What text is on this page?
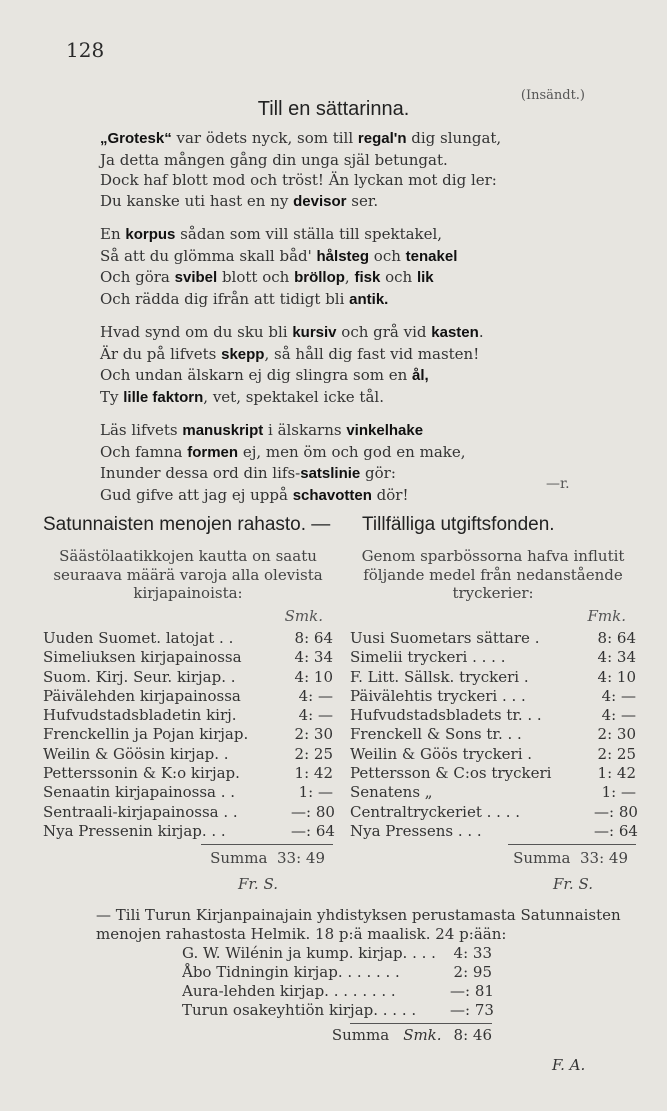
128
(Insändt.)
Till en sättarinna.
„Grotesk“ var ödets nyck, som till regal'n dig slungat,
Ja detta mången gång din unga själ betungat.
Dock haf blott mod och tröst! Än lyckan mot dig ler:
Du kanske uti hast en ny devisor ser.
En korpus sådan som vill ställa till spektakel,
Så att du glömma skall båd' hålsteg och tenakel
Och göra svibel blott och bröllop, fisk och lik
Och rädda dig ifrån att tidigt bli antik.
Hvad synd om du sku bli kursiv och grå vid kasten.
Är du på lifvets skepp, så håll dig fast vid masten!
Och undan älskarn ej dig slingra som en ål,
Ty lille faktorn, vet, spektakel icke tål.
Läs lifvets manuskript i älskarns vinkelhake
Och famna formen ej, men öm och god en make,
Inunder dessa ord din lifs-satslinie gör:
Gud gifve att jag ej uppå schavotten dör!
—r.
Satunnaisten menojen rahasto. — Tillfälliga utgiftsfonden.
Säästölaatikkojen kautta on saatu seuraava määrä varoja alla olevista kirjapainoista:
Smk.
Uuden Suomet. latojat . .	8: 64
Simeliuksen kirjapainossa	4: 34
Suom. Kirj. Seur. kirjap. .	4: 10
Päivälehden kirjapainossa	4: —
Hufvudstadsbladetin kirj.	4: —
Frenckellin ja Pojan kirjap.	2: 30
Weilin & Göösin kirjap. .	2: 25
Petterssonin & K:o kirjap.	1: 42
Senaatin kirjapainossa . .	1: —
Sentraali-kirjapainossa . .	—: 80
Nya Pressenin kirjap. . .	—: 64
Summa 33: 49
Fr. S.
Genom sparbössorna hafva influtit följande medel från nedanstående tryckerier:
Fmk.
Uusi Suometars sättare .	8: 64
Simelii tryckeri . . . .	4: 34
F. Litt. Sällsk. tryckeri .	4: 10
Päivälehtis tryckeri . . .	4: —
Hufvudstadsbladets tr. . .	4: —
Frenckell & Sons tr. . .	2: 30
Weilin & Göös tryckeri .	2: 25
Pettersson & C:os tryckeri	1: 42
Senatens „	1: —
Centraltryckeriet . . . .	—: 80
Nya Pressens . . .	—: 64
Summa 33: 49
Fr. S.
— Tili Turun Kirjanpainajain yhdistyksen perustamasta Satunnaisten menojen rahastosta Helmik. 18 p:ä maalisk. 24 p:ään:
G. W. Wilénin ja kump. kirjap. . . .	4: 33
Åbo Tidningin kirjap. . . . . . .	2: 95
Aura-lehden kirjap. . . . . . . .	—: 81
Turun osakeyhtiön kirjap. . . . .	—: 73
Summa Smk. 8: 46
F. A.
